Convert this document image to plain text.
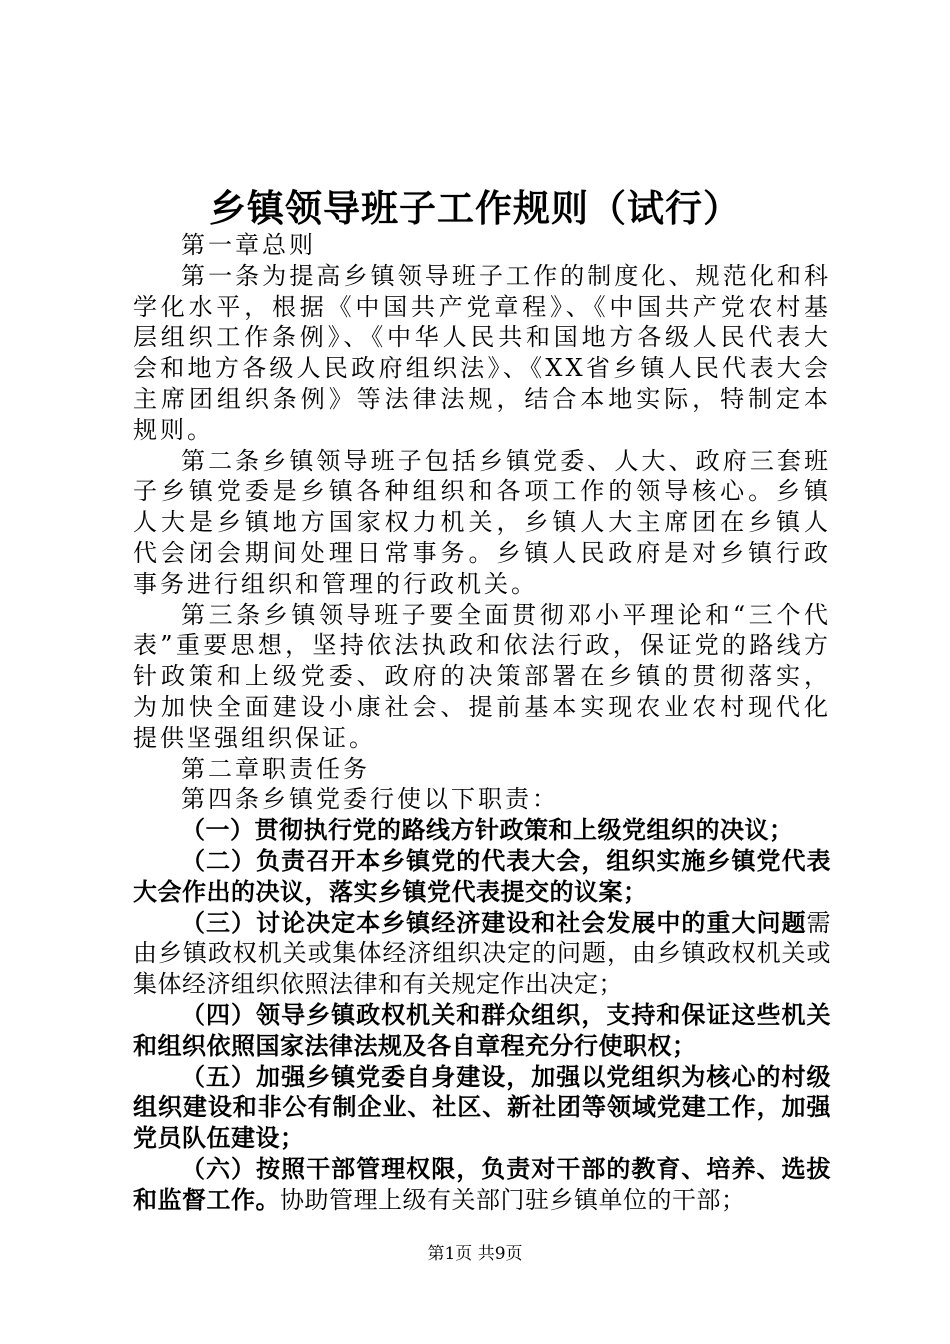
乡镇领导班子工作规则（试行）

第一章总则

第一条为提高乡镇领导班子工作的制度化、规范化和科学化水平，根据《中国共产党章程》、《中国共产党农村基层组织工作条例》、《中华人民共和国地方各级人民代表大会和地方各级人民政府组织法》、《XX省乡镇人民代表大会主席团组织条例》等法律法规，结合本地实际，特制定本规则。

第二条乡镇领导班子包括乡镇党委、人大、政府三套班子乡镇党委是乡镇各种组织和各项工作的领导核心。乡镇人大是乡镇地方国家权力机关，乡镇人大主席团在乡镇人代会闭会期间处理日常事务。乡镇人民政府是对乡镇行政事务进行组织和管理的行政机关。

第三条乡镇领导班子要全面贯彻邓小平理论和“三个代表”重要思想，坚持依法执政和依法行政，保证党的路线方针政策和上级党委、政府的决策部署在乡镇的贯彻落实，为加快全面建设小康社会、提前基本实现农业农村现代化提供坚强组织保证。

第二章职责任务

第四条乡镇党委行使以下职责：

（一）贯彻执行党的路线方针政策和上级党组织的决议；

（二）负责召开本乡镇党的代表大会，组织实施乡镇党代表大会作出的决议，落实乡镇党代表提交的议案；

（三）讨论决定本乡镇经济建设和社会发展中的重大问题需由乡镇政权机关或集体经济组织决定的问题，由乡镇政权机关或集体经济组织依照法律和有关规定作出决定；

（四）领导乡镇政权机关和群众组织，支持和保证这些机关和组织依照国家法律法规及各自章程充分行使职权；

（五）加强乡镇党委自身建设，加强以党组织为核心的村级组织建设和非公有制企业、社区、新社团等领域党建工作，加强党员队伍建设；

（六）按照干部管理权限，负责对干部的教育、培养、选拔和监督工作。协助管理上级有关部门驻乡镇单位的干部；

第1页 共9页
